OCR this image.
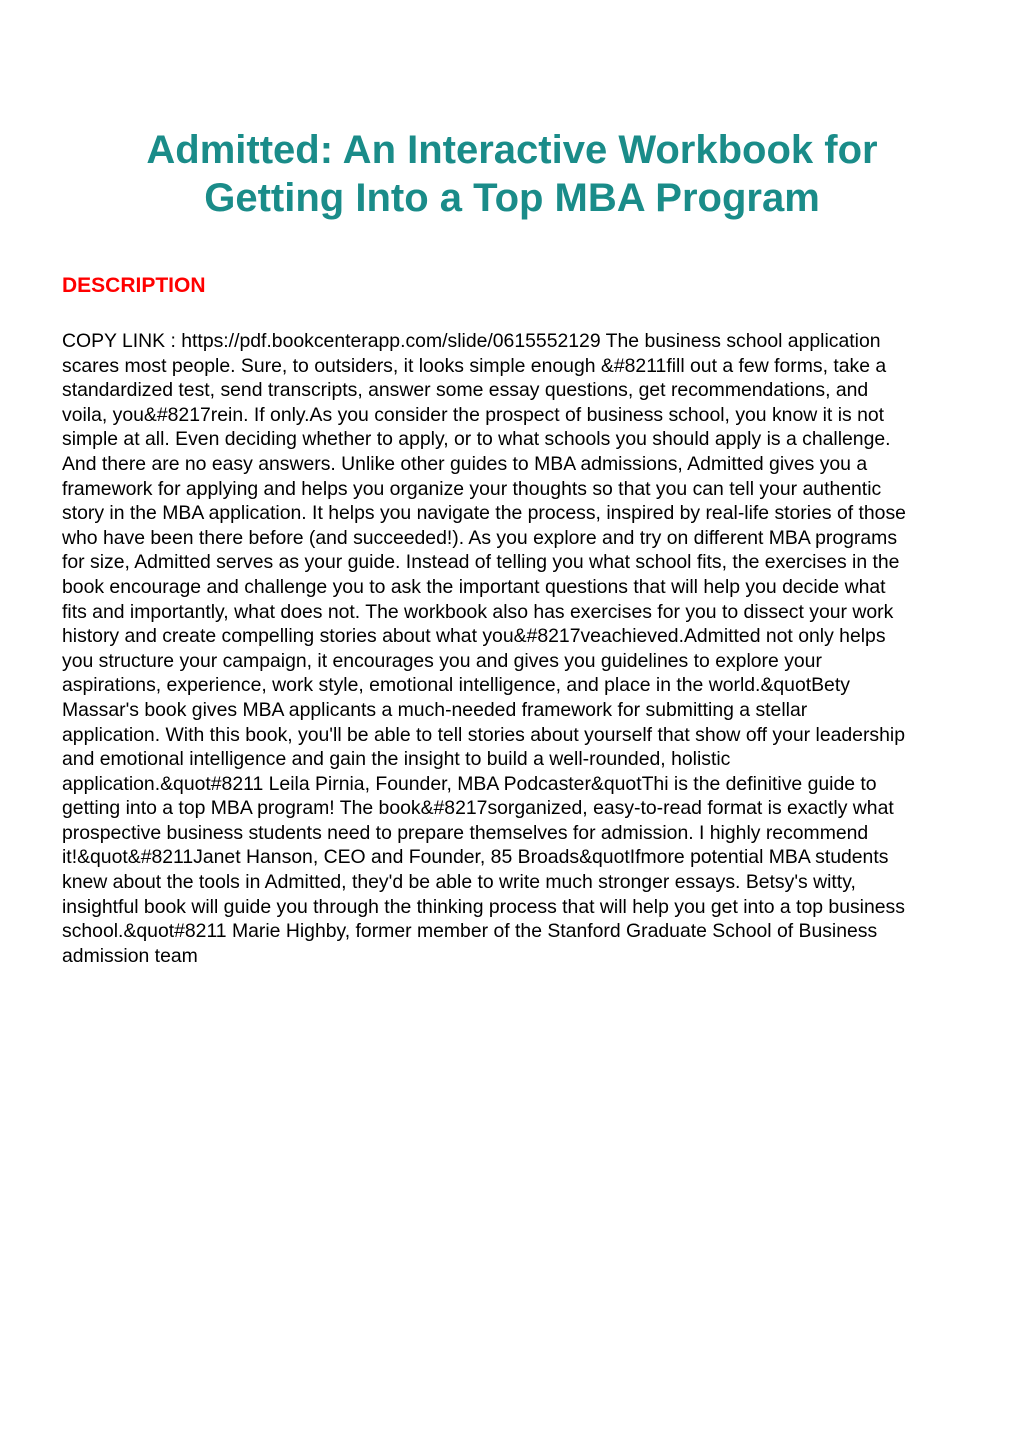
Admitted: An Interactive Workbook for
Getting Into a Top MBA Program
DESCRIPTION
COPY LINK : https://pdf.bookcenterapp.com/slide/0615552129 The business school application
scares most people. Sure, to outsiders, it looks simple enough &#8211fill out a few forms, take a
standardized test, send transcripts, answer some essay questions, get recommendations, and
voila, you&#8217rein. If only.As you consider the prospect of business school, you know it is not
simple at all. Even deciding whether to apply, or to what schools you should apply is a challenge.
And there are no easy answers. Unlike other guides to MBA admissions, Admitted gives you a
framework for applying and helps you organize your thoughts so that you can tell your authentic
story in the MBA application. It helps you navigate the process, inspired by real-life stories of those
who have been there before (and succeeded!). As you explore and try on different MBA programs
for size, Admitted serves as your guide. Instead of telling you what school fits, the exercises in the
book encourage and challenge you to ask the important questions that will help you decide what
fits and importantly, what does not. The workbook also has exercises for you to dissect your work
history and create compelling stories about what you&#8217veachieved.Admitted not only helps
you structure your campaign, it encourages you and gives you guidelines to explore your
aspirations, experience, work style, emotional intelligence, and place in the world.&quotBety
Massar's book gives MBA applicants a much-needed framework for submitting a stellar
application. With this book, you'll be able to tell stories about yourself that show off your leadership
and emotional intelligence and gain the insight to build a well-rounded, holistic
application.&quot#8211 Leila Pirnia, Founder, MBA Podcaster&quotThi is the definitive guide to
getting into a top MBA program! The book&#8217sorganized, easy-to-read format is exactly what
prospective business students need to prepare themselves for admission. I highly recommend
it!&quot&#8211Janet Hanson, CEO and Founder, 85 Broads&quotIfmore potential MBA students
knew about the tools in Admitted, they'd be able to write much stronger essays. Betsy's witty,
insightful book will guide you through the thinking process that will help you get into a top business
school.&quot#8211 Marie Highby, former member of the Stanford Graduate School of Business
admission team
